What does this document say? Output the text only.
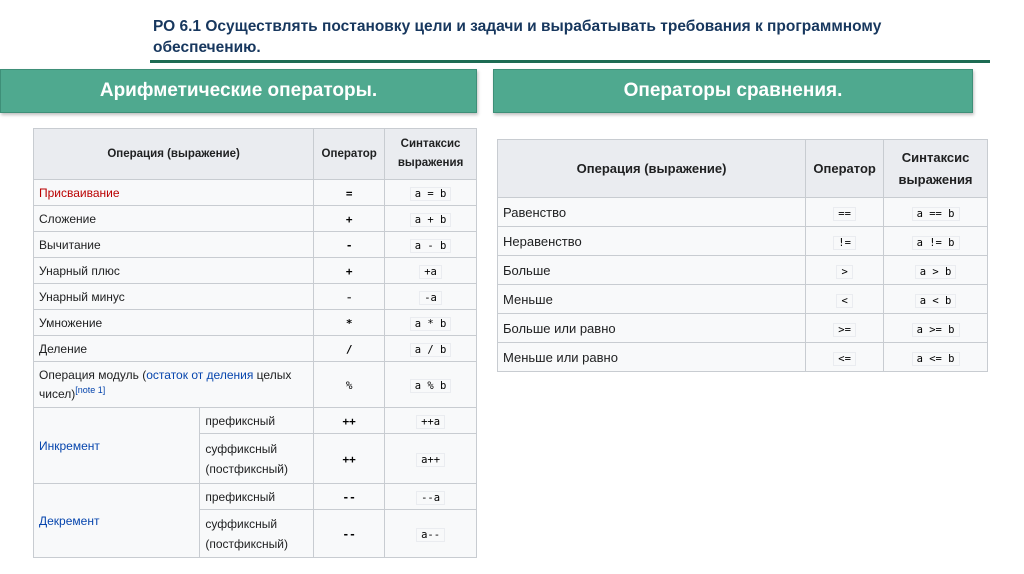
РО 6.1 Осуществлять постановку цели и задачи и вырабатывать требования к программному обеспечению.
Арифметические операторы.	Операторы сравнения.
Операция (выражение)		Оператор	Синтаксис выражения
Присваивание		=	a = b
Сложение		+	a + b
Вычитание		-	a - b
Унарный плюс		+	+a
Унарный минус		-	-a
Умножение		*	a * b
Деление		/	a / b
Операция модуль (остаток от деления целых чисел)[note 1]		%	a % b
Инкремент	префиксный	++	++a
	суффиксный (постфиксный)	++	a++
Декремент	префиксный	--	--a
	суффиксный (постфиксный)	--	a--
Операция (выражение)	Оператор	Синтаксис выражения
Равенство	==	a == b
Неравенство	!=	a != b
Больше	>	a > b
Меньше	<	a < b
Больше или равно	>=	a >= b
Меньше или равно	<=	a <= b
